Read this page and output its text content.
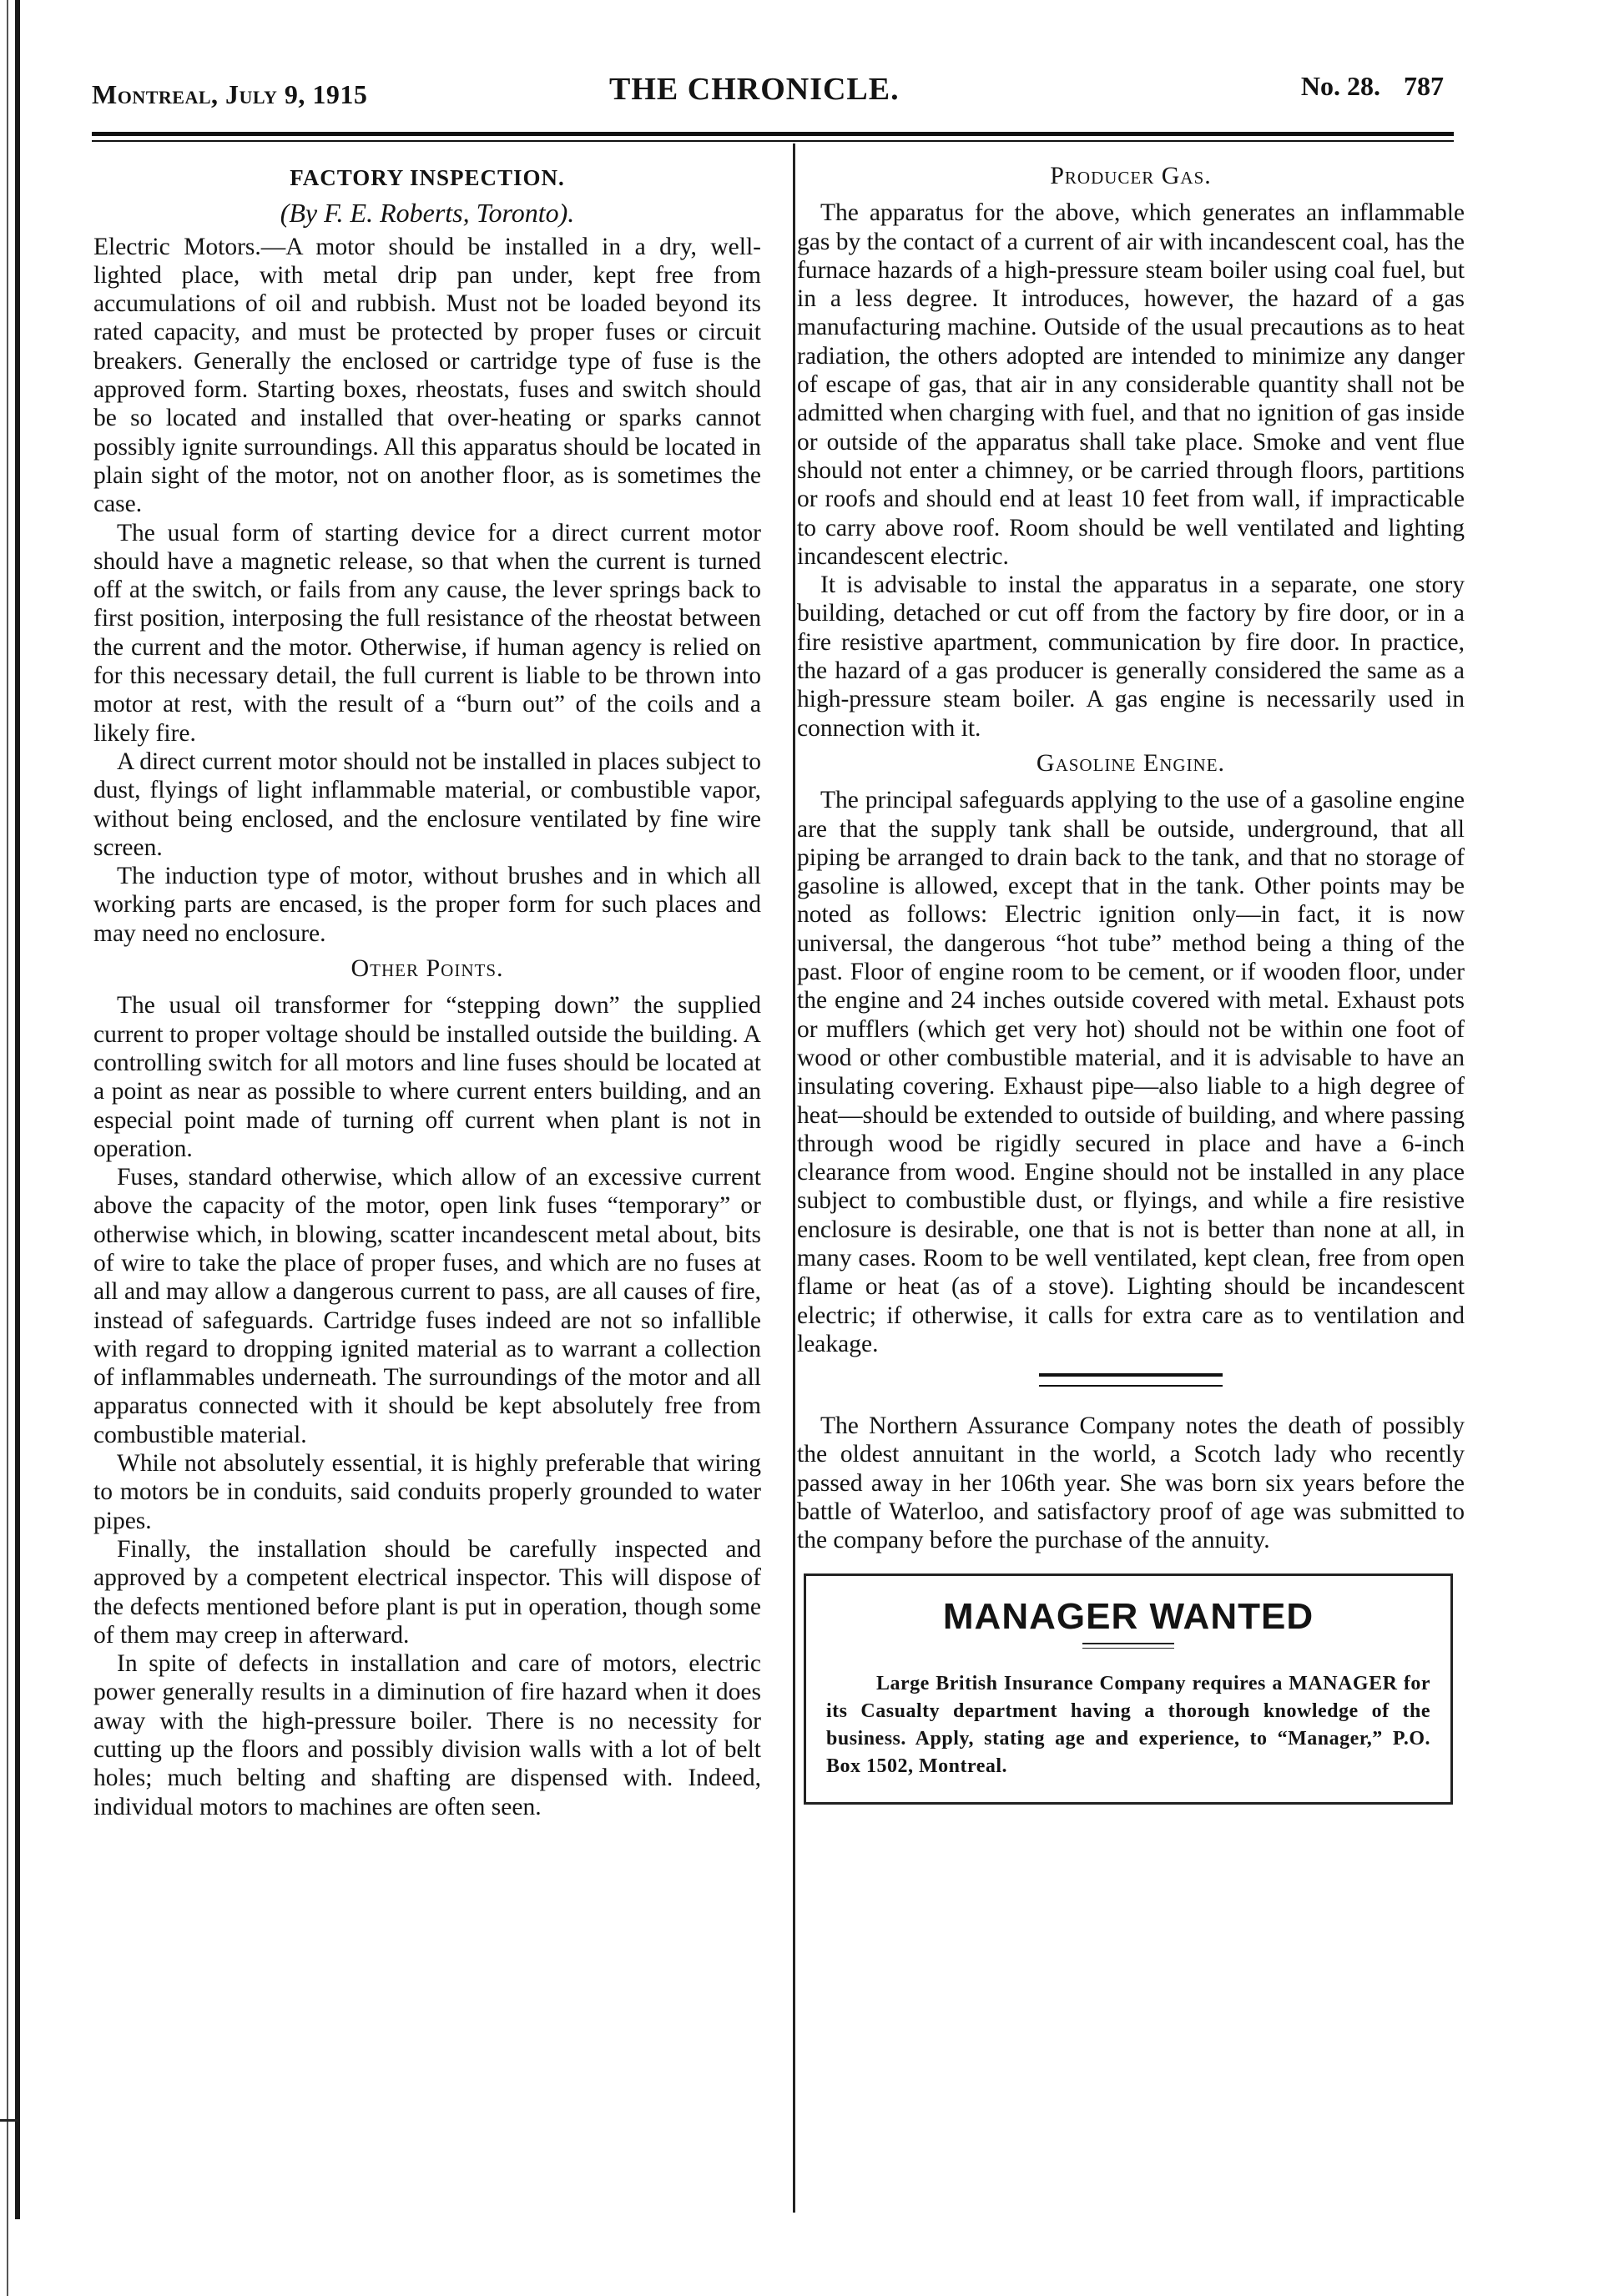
Montreal, July 9, 1915	THE CHRONICLE.	No. 28. 787
FACTORY INSPECTION.
(By F. E. Roberts, Toronto).

Electric Motors.—A motor should be installed in a dry, well-lighted place, with metal drip pan under, kept free from accumulations of oil and rubbish. Must not be loaded beyond its rated capacity, and must be protected by proper fuses or circuit breakers. Generally the enclosed or cartridge type of fuse is the approved form. Starting boxes, rheostats, fuses and switch should be so located and installed that over-heating or sparks cannot possibly ignite surroundings. All this apparatus should be located in plain sight of the motor, not on another floor, as is sometimes the case.

The usual form of starting device for a direct current motor should have a magnetic release, so that when the current is turned off at the switch, or fails from any cause, the lever springs back to first position, interposing the full resistance of the rheostat between the current and the motor. Otherwise, if human agency is relied on for this necessary detail, the full current is liable to be thrown into motor at rest, with the result of a “burn out” of the coils and a likely fire.

A direct current motor should not be installed in places subject to dust, flyings of light inflammable material, or combustible vapor, without being enclosed, and the enclosure ventilated by fine wire screen.

The induction type of motor, without brushes and in which all working parts are encased, is the proper form for such places and may need no enclosure.

Other Points.

The usual oil transformer for “stepping down” the supplied current to proper voltage should be installed outside the building. A controlling switch for all motors and line fuses should be located at a point as near as possible to where current enters building, and an especial point made of turning off current when plant is not in operation.

Fuses, standard otherwise, which allow of an excessive current above the capacity of the motor, open link fuses “temporary” or otherwise which, in blowing, scatter incandescent metal about, bits of wire to take the place of proper fuses, and which are no fuses at all and may allow a dangerous current to pass, are all causes of fire, instead of safeguards. Cartridge fuses indeed are not so infallible with regard to dropping ignited material as to warrant a collection of inflammables underneath. The surroundings of the motor and all apparatus connected with it should be kept absolutely free from combustible material.

While not absolutely essential, it is highly preferable that wiring to motors be in conduits, said conduits properly grounded to water pipes.

Finally, the installation should be carefully inspected and approved by a competent electrical inspector. This will dispose of the defects mentioned before plant is put in operation, though some of them may creep in afterward.

In spite of defects in installation and care of motors, electric power generally results in a diminution of fire hazard when it does away with the high-pressure boiler. There is no necessity for cutting up the floors and possibly division walls with a lot of belt holes; much belting and shafting are dispensed with. Indeed, individual motors to machines are often seen.

Producer Gas.

The apparatus for the above, which generates an inflammable gas by the contact of a current of air with incandescent coal, has the furnace hazards of a high-pressure steam boiler using coal fuel, but in a less degree. It introduces, however, the hazard of a gas manufacturing machine. Outside of the usual precautions as to heat radiation, the others adopted are intended to minimize any danger of escape of gas, that air in any considerable quantity shall not be admitted when charging with fuel, and that no ignition of gas inside or outside of the apparatus shall take place. Smoke and vent flue should not enter a chimney, or be carried through floors, partitions or roofs and should end at least 10 feet from wall, if impracticable to carry above roof. Room should be well ventilated and lighting incandescent electric.

It is advisable to instal the apparatus in a separate, one story building, detached or cut off from the factory by fire door, or in a fire resistive apartment, communication by fire door. In practice, the hazard of a gas producer is generally considered the same as a high-pressure steam boiler. A gas engine is necessarily used in connection with it.

Gasoline Engine.

The principal safeguards applying to the use of a gasoline engine are that the supply tank shall be outside, underground, that all piping be arranged to drain back to the tank, and that no storage of gasoline is allowed, except that in the tank. Other points may be noted as follows: Electric ignition only—in fact, it is now universal, the dangerous “hot tube” method being a thing of the past. Floor of engine room to be cement, or if wooden floor, under the engine and 24 inches outside covered with metal. Exhaust pots or mufflers (which get very hot) should not be within one foot of wood or other combustible material, and it is advisable to have an insulating covering. Exhaust pipe—also liable to a high degree of heat—should be extended to outside of building, and where passing through wood be rigidly secured in place and have a 6-inch clearance from wood. Engine should not be installed in any place subject to combustible dust, or flyings, and while a fire resistive enclosure is desirable, one that is not is better than none at all, in many cases. Room to be well ventilated, kept clean, free from open flame or heat (as of a stove). Lighting should be incandescent electric; if otherwise, it calls for extra care as to ventilation and leakage.

The Northern Assurance Company notes the death of possibly the oldest annuitant in the world, a Scotch lady who recently passed away in her 106th year. She was born six years before the battle of Waterloo, and satisfactory proof of age was submitted to the company before the purchase of the annuity.

MANAGER WANTED
Large British Insurance Company requires a MANAGER for its Casualty department having a thorough knowledge of the business. Apply, stating age and experience, to “Manager,” P.O. Box 1502, Montreal.
